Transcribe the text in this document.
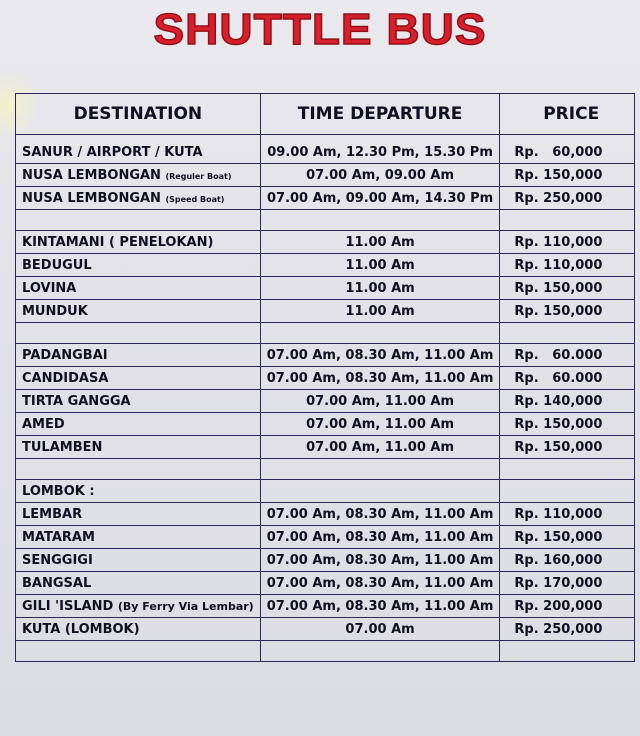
SHUTTLE BUS
DESTINATION	TIME DEPARTURE	PRICE
SANUR / AIRPORT / KUTA	09.00 Am, 12.30 Pm, 15.30 Pm	Rp.   60,000
NUSA LEMBONGAN (Reguler Boat)	07.00 Am, 09.00 Am	Rp. 150,000
NUSA LEMBONGAN (Speed Boat)	07.00 Am, 09.00 Am, 14.30 Pm	Rp. 250,000

KINTAMANI ( PENELOKAN)	11.00 Am	Rp. 110,000
BEDUGUL	11.00 Am	Rp. 110,000
LOVINA	11.00 Am	Rp. 150,000
MUNDUK	11.00 Am	Rp. 150,000

PADANGBAI	07.00 Am, 08.30 Am, 11.00 Am	Rp.   60.000
CANDIDASA	07.00 Am, 08.30 Am, 11.00 Am	Rp.   60.000
TIRTA GANGGA	07.00 Am, 11.00 Am	Rp. 140,000
AMED	07.00 Am, 11.00 Am	Rp. 150,000
TULAMBEN	07.00 Am, 11.00 Am	Rp. 150,000

LOMBOK :		
LEMBAR	07.00 Am, 08.30 Am, 11.00 Am	Rp. 110,000
MATARAM	07.00 Am, 08.30 Am, 11.00 Am	Rp. 150,000
SENGGIGI	07.00 Am, 08.30 Am, 11.00 Am	Rp. 160,000
BANGSAL	07.00 Am, 08.30 Am, 11.00 Am	Rp. 170,000
GILI 'ISLAND (By Ferry Via Lembar)	07.00 Am, 08.30 Am, 11.00 Am	Rp. 200,000
KUTA (LOMBOK)	07.00 Am	Rp. 250,000
